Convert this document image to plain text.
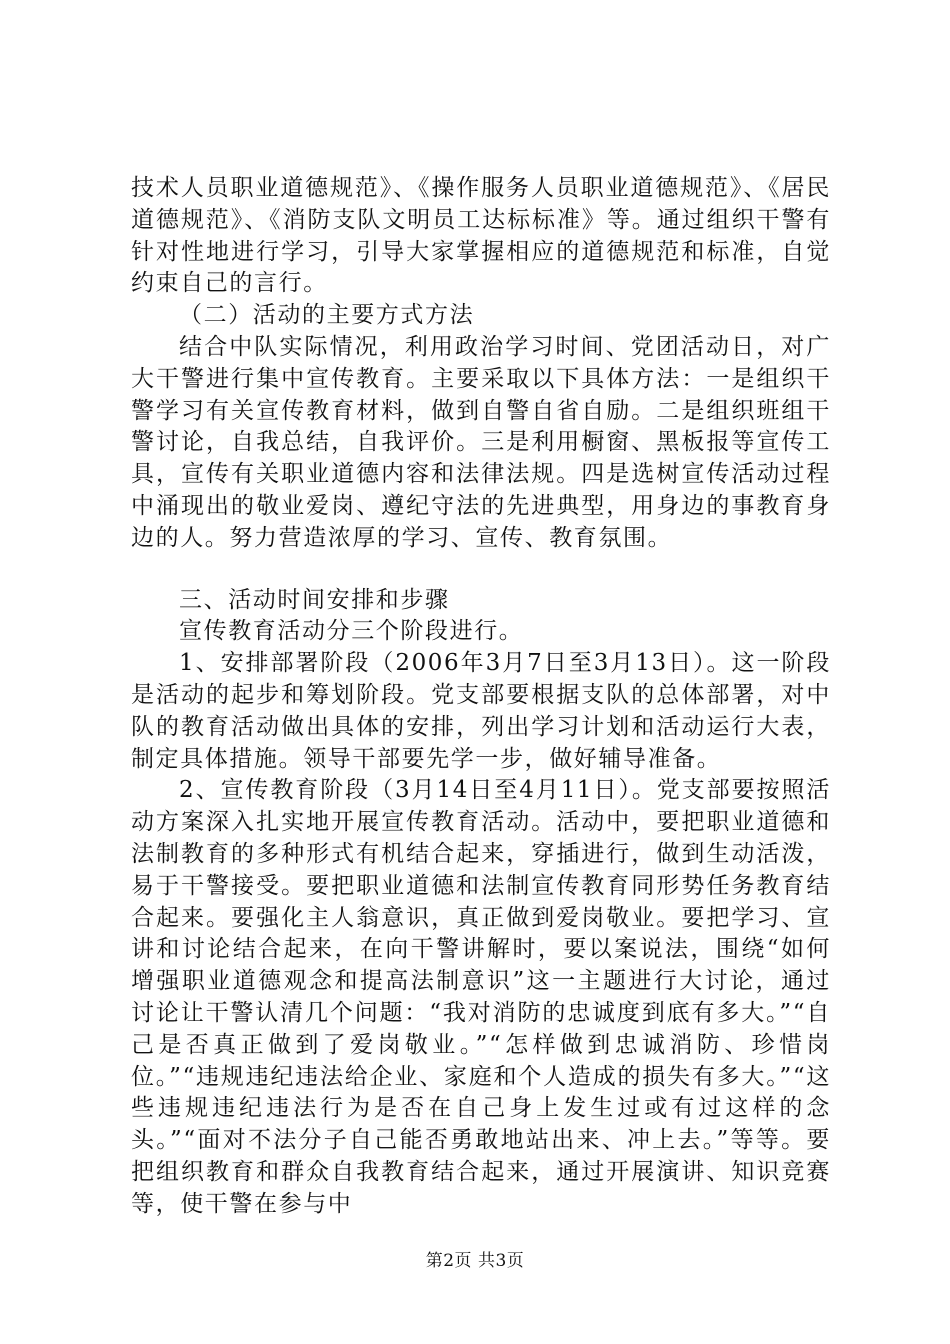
技术人员职业道德规范》、《操作服务人员职业道德规范》、《居民道德规范》、《消防支队文明员工达标标准》等。通过组织干警有针对性地进行学习，引导大家掌握相应的道德规范和标准，自觉约束自己的言行。

（二）活动的主要方式方法

结合中队实际情况，利用政治学习时间、党团活动日，对广大干警进行集中宣传教育。主要采取以下具体方法：一是组织干警学习有关宣传教育材料，做到自警自省自励。二是组织班组干警讨论，自我总结，自我评价。三是利用橱窗、黑板报等宣传工具，宣传有关职业道德内容和法律法规。四是选树宣传活动过程中涌现出的敬业爱岗、遵纪守法的先进典型，用身边的事教育身边的人。努力营造浓厚的学习、宣传、教育氛围。

三、活动时间安排和步骤

宣传教育活动分三个阶段进行。

1、安排部署阶段（2006年3月7日至3月13日）。这一阶段是活动的起步和筹划阶段。党支部要根据支队的总体部署，对中队的教育活动做出具体的安排，列出学习计划和活动运行大表，制定具体措施。领导干部要先学一步，做好辅导准备。

2、宣传教育阶段（3月14日至4月11日）。党支部要按照活动方案深入扎实地开展宣传教育活动。活动中，要把职业道德和法制教育的多种形式有机结合起来，穿插进行，做到生动活泼，易于干警接受。要把职业道德和法制宣传教育同形势任务教育结合起来。要强化主人翁意识，真正做到爱岗敬业。要把学习、宣讲和讨论结合起来，在向干警讲解时，要以案说法，围绕“如何增强职业道德观念和提高法制意识”这一主题进行大讨论，通过讨论让干警认清几个问题：“我对消防的忠诚度到底有多大。”“自己是否真正做到了爱岗敬业。”“怎样做到忠诚消防、珍惜岗位。”“违规违纪违法给企业、家庭和个人造成的损失有多大。”“这些违规违纪违法行为是否在自己身上发生过或有过这样的念头。”“面对不法分子自己能否勇敢地站出来、冲上去。”等等。要把组织教育和群众自我教育结合起来，通过开展演讲、知识竞赛等，使干警在参与中

第2页 共3页
